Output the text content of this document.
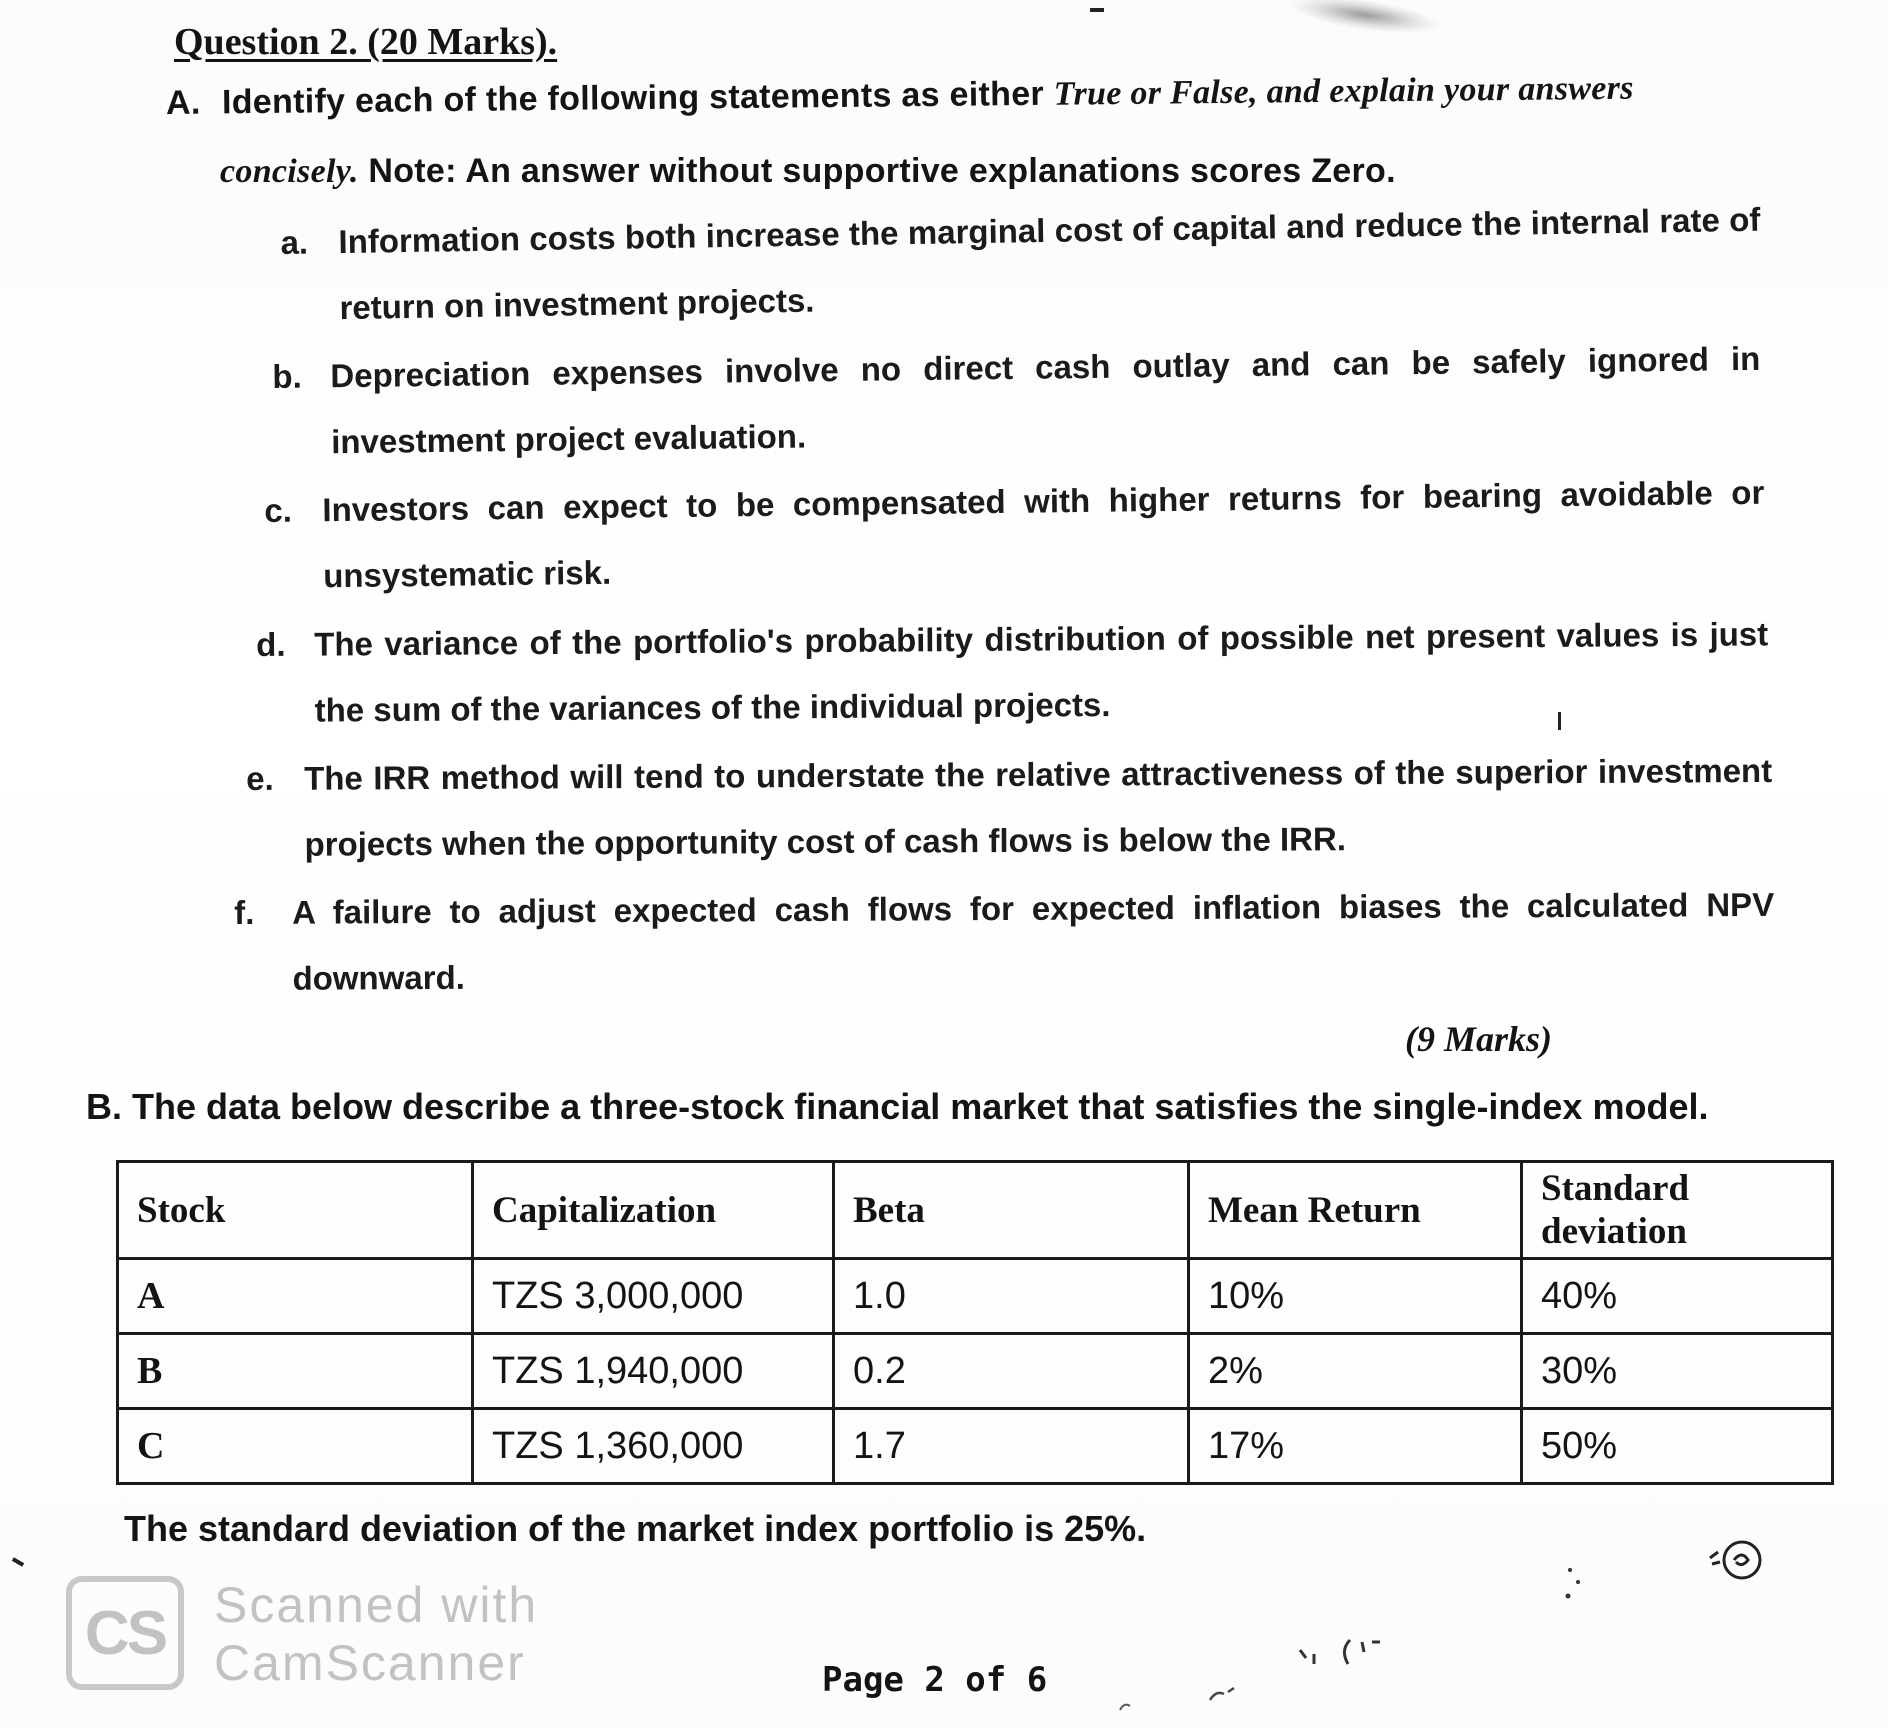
Question 2. (20 Marks).
A. Identify each of the following statements as either True or False, and explain your answers
concisely. Note: An answer without supportive explanations scores Zero.
a. Information costs both increase the marginal cost of capital and reduce the internal rate of return on investment projects.
b. Depreciation expenses involve no direct cash outlay and can be safely ignored in investment project evaluation.
c. Investors can expect to be compensated with higher returns for bearing avoidable or unsystematic risk.
d. The variance of the portfolio's probability distribution of possible net present values is just the sum of the variances of the individual projects.
e. The IRR method will tend to understate the relative attractiveness of the superior investment projects when the opportunity cost of cash flows is below the IRR.
f. A failure to adjust expected cash flows for expected inflation biases the calculated NPV downward.
(9 Marks)
B. The data below describe a three-stock financial market that satisfies the single-index model.
Stock	Capitalization	Beta	Mean Return	Standard deviation
A	TZS 3,000,000	1.0	10%	40%
B	TZS 1,940,000	0.2	2%	30%
C	TZS 1,360,000	1.7	17%	50%
The standard deviation of the market index portfolio is 25%.
CS Scanned with
CamScanner	Page 2 of 6
